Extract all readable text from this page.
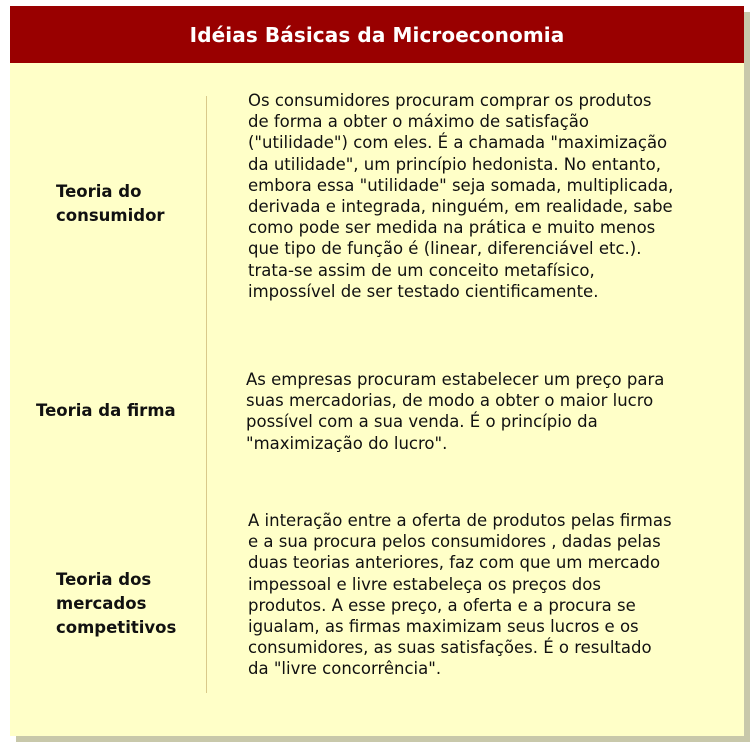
Idéias Básicas da Microeconomia
Teoria do
consumidor
Os consumidores procuram comprar os produtos
de forma a obter o máximo de satisfação
("utilidade") com eles. É a chamada "maximização
da utilidade", um princípio hedonista. No entanto,
embora essa "utilidade" seja somada, multiplicada,
derivada e integrada, ninguém, em realidade, sabe
como pode ser medida na prática e muito menos
que tipo de função é (linear, diferenciável etc.).
trata-se assim de um conceito metafísico,
impossível de ser testado cientificamente.
Teoria da firma
As empresas procuram estabelecer um preço para
suas mercadorias, de modo a obter o maior lucro
possível com a sua venda. É o princípio da
"maximização do lucro".
Teoria dos
mercados
competitivos
A interação entre a oferta de produtos pelas firmas
e a sua procura pelos consumidores , dadas pelas
duas teorias anteriores, faz com que um mercado
impessoal e livre estabeleça os preços dos
produtos. A esse preço, a oferta e a procura se
igualam, as firmas maximizam seus lucros e os
consumidores, as suas satisfações. É o resultado
da "livre concorrência".
